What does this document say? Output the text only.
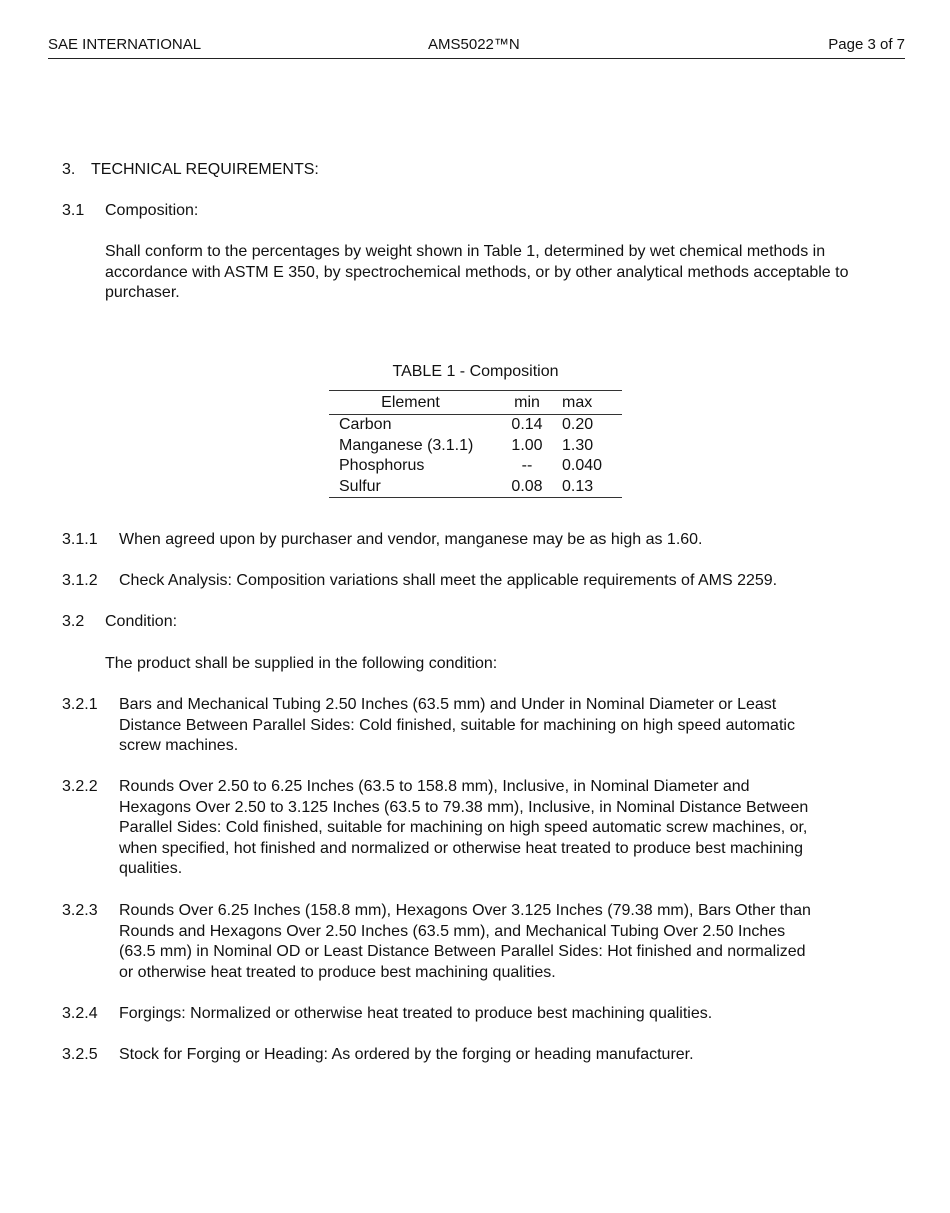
SAE INTERNATIONAL	AMS5022™N	Page 3 of 7
3. TECHNICAL REQUIREMENTS:
3.1 Composition:
Shall conform to the percentages by weight shown in Table 1, determined by wet chemical methods in accordance with ASTM E 350, by spectrochemical methods, or by other analytical methods acceptable to purchaser.
TABLE 1 - Composition
Element	min	max
Carbon	0.14	0.20
Manganese (3.1.1)	1.00	1.30
Phosphorus	--	0.040
Sulfur	0.08	0.13
3.1.1 When agreed upon by purchaser and vendor, manganese may be as high as 1.60.
3.1.2 Check Analysis: Composition variations shall meet the applicable requirements of AMS 2259.
3.2 Condition:
The product shall be supplied in the following condition:
3.2.1 Bars and Mechanical Tubing 2.50 Inches (63.5 mm) and Under in Nominal Diameter or Least
Distance Between Parallel Sides: Cold finished, suitable for machining on high speed automatic
screw machines.
3.2.2 Rounds Over 2.50 to 6.25 Inches (63.5 to 158.8 mm), Inclusive, in Nominal Diameter and
Hexagons Over 2.50 to 3.125 Inches (63.5 to 79.38 mm), Inclusive, in Nominal Distance Between
Parallel Sides: Cold finished, suitable for machining on high speed automatic screw machines, or,
when specified, hot finished and normalized or otherwise heat treated to produce best machining
qualities.
3.2.3 Rounds Over 6.25 Inches (158.8 mm), Hexagons Over 3.125 Inches (79.38 mm), Bars Other than
Rounds and Hexagons Over 2.50 Inches (63.5 mm), and Mechanical Tubing Over 2.50 Inches
(63.5 mm) in Nominal OD or Least Distance Between Parallel Sides: Hot finished and normalized
or otherwise heat treated to produce best machining qualities.
3.2.4 Forgings: Normalized or otherwise heat treated to produce best machining qualities.
3.2.5 Stock for Forging or Heading: As ordered by the forging or heading manufacturer.
